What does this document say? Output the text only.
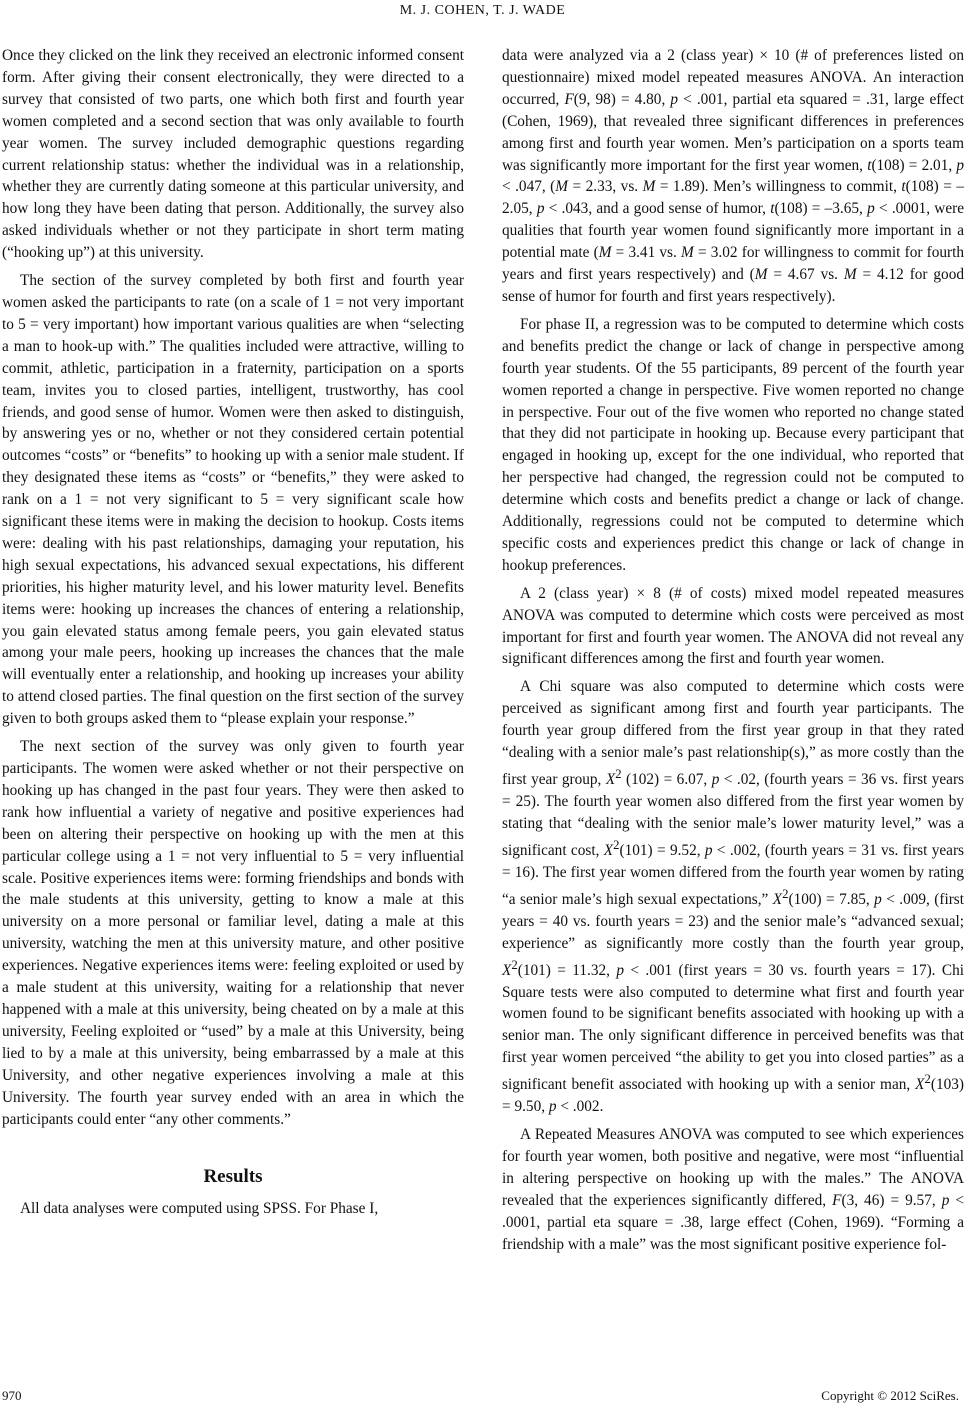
M. J. COHEN, T. J. WADE

Once they clicked on the link they received an electronic informed consent form. After giving their consent electronically, they were directed to a survey that consisted of two parts, one which both first and fourth year women completed and a second section that was only available to fourth year women. The survey included demographic questions regarding current relationship status: whether the individual was in a relationship, whether they are currently dating someone at this particular university, and how long they have been dating that person. Additionally, the survey also asked individuals whether or not they participate in short term mating (“hooking up”) at this university.

The section of the survey completed by both first and fourth year women asked the participants to rate (on a scale of 1 = not very important to 5 = very important) how important various qualities are when “selecting a man to hook-up with.” The qualities included were attractive, willing to commit, athletic, participation in a fraternity, participation on a sports team, invites you to closed parties, intelligent, trustworthy, has cool friends, and good sense of humor. Women were then asked to distinguish, by answering yes or no, whether or not they considered certain potential outcomes “costs” or “benefits” to hooking up with a senior male student. If they designated these items as “costs” or “benefits,” they were asked to rank on a 1 = not very significant to 5 = very significant scale how significant these items were in making the decision to hookup. Costs items were: dealing with his past relationships, damaging your reputation, his high sexual expectations, his advanced sexual expectations, his different priorities, his higher maturity level, and his lower maturity level. Benefits items were: hooking up increases the chances of entering a relationship, you gain elevated status among female peers, you gain elevated status among your male peers, hooking up increases the chances that the male will eventually enter a relationship, and hooking up increases your ability to attend closed parties. The final question on the first section of the survey given to both groups asked them to “please explain your response.”

The next section of the survey was only given to fourth year participants. The women were asked whether or not their perspective on hooking up has changed in the past four years. They were then asked to rank how influential a variety of negative and positive experiences had been on altering their perspective on hooking up with the men at this particular college using a 1 = not very influential to 5 = very influential scale. Positive experiences items were: forming friendships and bonds with the male students at this university, getting to know a male at this university on a more personal or familiar level, dating a male at this university, watching the men at this university mature, and other positive experiences. Negative experiences items were: feeling exploited or used by a male student at this university, waiting for a relationship that never happened with a male at this university, being cheated on by a male at this university, Feeling exploited or “used” by a male at this University, being lied to by a male at this university, being embarrassed by a male at this University, and other negative experiences involving a male at this University. The fourth year survey ended with an area in which the participants could enter “any other comments.”

Results

All data analyses were computed using SPSS. For Phase I,

data were analyzed via a 2 (class year) × 10 (# of preferences listed on questionnaire) mixed model repeated measures ANOVA. An interaction occurred, F(9, 98) = 4.80, p < .001, partial eta squared = .31, large effect (Cohen, 1969), that revealed three significant differences in preferences among first and fourth year women. Men’s participation on a sports team was significantly more important for the first year women, t(108) = 2.01, p < .047, (M = 2.33, vs. M = 1.89). Men’s willingness to commit, t(108) = –2.05, p < .043, and a good sense of humor, t(108) = –3.65, p < .0001, were qualities that fourth year women found significantly more important in a potential mate (M = 3.41 vs. M = 3.02 for willingness to commit for fourth years and first years respectively) and (M = 4.67 vs. M = 4.12 for good sense of humor for fourth and first years respectively).

For phase II, a regression was to be computed to determine which costs and benefits predict the change or lack of change in perspective among fourth year students. Of the 55 participants, 89 percent of the fourth year women reported a change in perspective. Five women reported no change in perspective. Four out of the five women who reported no change stated that they did not participate in hooking up. Because every participant that engaged in hooking up, except for the one individual, who reported that her perspective had changed, the regression could not be computed to determine which costs and benefits predict a change or lack of change. Additionally, regressions could not be computed to determine which specific costs and experiences predict this change or lack of change in hookup preferences.

A 2 (class year) × 8 (# of costs) mixed model repeated measures ANOVA was computed to determine which costs were perceived as most important for first and fourth year women. The ANOVA did not reveal any significant differences among the first and fourth year women.

A Chi square was also computed to determine which costs were perceived as significant among first and fourth year participants. The fourth year group differed from the first year group in that they rated “dealing with a senior male’s past relationship(s),” as more costly than the first year group, $X^2$ (102) = 6.07, p < .02, (fourth years = 36 vs. first years = 25). The fourth year women also differed from the first year women by stating that “dealing with the senior male’s lower maturity level,” was a significant cost, $X^2(101) = 9.52$, p < .002, (fourth years = 31 vs. first years = 16). The first year women differed from the fourth year women by rating “a senior male’s high sexual expectations,” $X^2(100) = 7.85$, p < .009, (first years = 40 vs. fourth years = 23) and the senior male’s “advanced sexual; experience” as significantly more costly than the fourth year group, $X^2(101) = 11.32$, p < .001 (first years = 30 vs. fourth years = 17). Chi Square tests were also computed to determine what first and fourth year women found to be significant benefits associated with hooking up with a senior man. The only significant difference in perceived benefits was that first year women perceived “the ability to get you into closed parties” as a significant benefit associated with hooking up with a senior man, $X^2(103) = 9.50$, p < .002.

A Repeated Measures ANOVA was computed to see which experiences for fourth year women, both positive and negative, were most “influential in altering perspective on hooking up with the males.” The ANOVA revealed that the experiences significantly differed, F(3, 46) = 9.57, p < .0001, partial eta square = .38, large effect (Cohen, 1969). “Forming a friendship with a male” was the most significant positive experience fol-

970	Copyright © 2012 SciRes.
